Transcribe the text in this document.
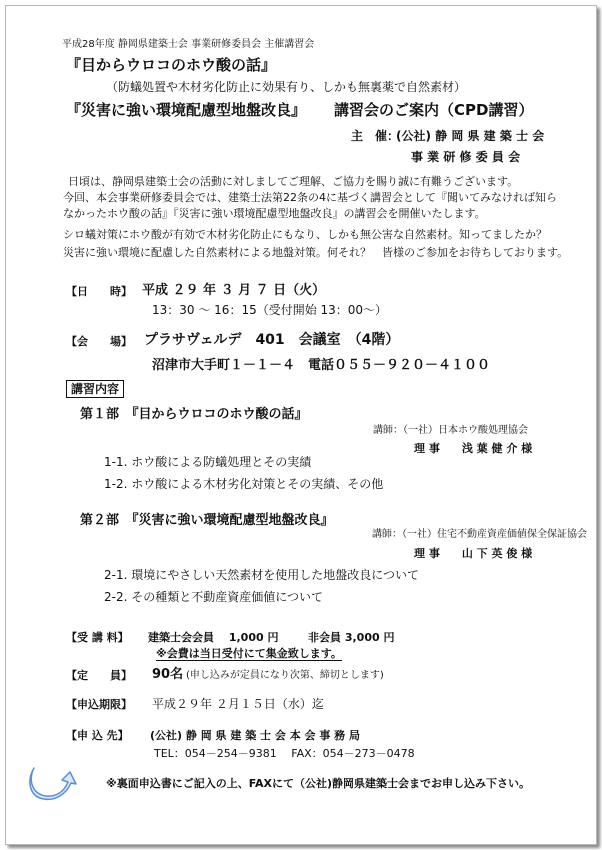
平成28年度 静岡県建築士会 事業研修委員会 主催講習会
『目からウロコのホウ酸の話』
（防蟻処置や木材劣化防止に効果有り、しかも無裏薬で自然素材）
『災害に強い環境配慮型地盤改良』 講習会のご案内（CPD講習）
主　催：
(公社) 静 岡 県 建 築 士 会
事 業 研 修 委 員 会
日頃は、静岡県建築士会の活動に対しましてご理解、ご協力を賜り誠に有難うございます。
今回、本会事業研修委員会では、建築士法第22条の4に基づく講習会として『聞いてみなければ知ら
なかったホウ酸の話』『災害に強い環境配慮型地盤改良』の講習会を開催いたします。
シロ蟻対策にホウ酸が有効で木材劣化防止にもなり、しかも無公害な自然素材。知ってましたか？
災害に強い環境に配慮した自然素材による地盤対策。何それ？　皆様のご参加をお待ちしております。
【日　　時】 平成 ２９ 年 ３ 月 ７ 日（火）
13：30 ～ 16：15（受付開始 13：00～）
【会　　場】 プラサヴェルデ　401　会議室　（4階）
沼津市大手町１－１－４　電話０５５－９２０－４１００
講習内容
第１部　『目からウロコのホウ酸の話』
講師：（一社）日本ホウ酸処理協会
理 事　　浅 葉 健 介 様
1-1. ホウ酸による防蟻処理とその実績
1-2. ホウ酸による木材劣化対策とその実績、その他
第２部　『災害に強い環境配慮型地盤改良』
講師：（一社）住宅不動産資産価値保全保証協会
理 事　　山 下 英 俊 様
2-1. 環境にやさしい天然素材を使用した地盤改良について
2-2. その種類と不動産資産価値について
【受 講 料】 建築士会会員　 1,000 円	非会員 3,000 円
※会費は当日受付にて集金致します。
【定　　員】 90名 (申し込みが定員になり次第、締切とします)
【申込期限】 平成２９年 ２月１５日（水）迄
【申 込 先】 (公社) 静 岡 県 建 築 士 会 本 会 事 務 局
TEL：054－254－9381　 FAX：054－273－0478
※裏面申込書にご記入の上、FAXにて（公社)静岡県建築士会までお申し込み下さい。
